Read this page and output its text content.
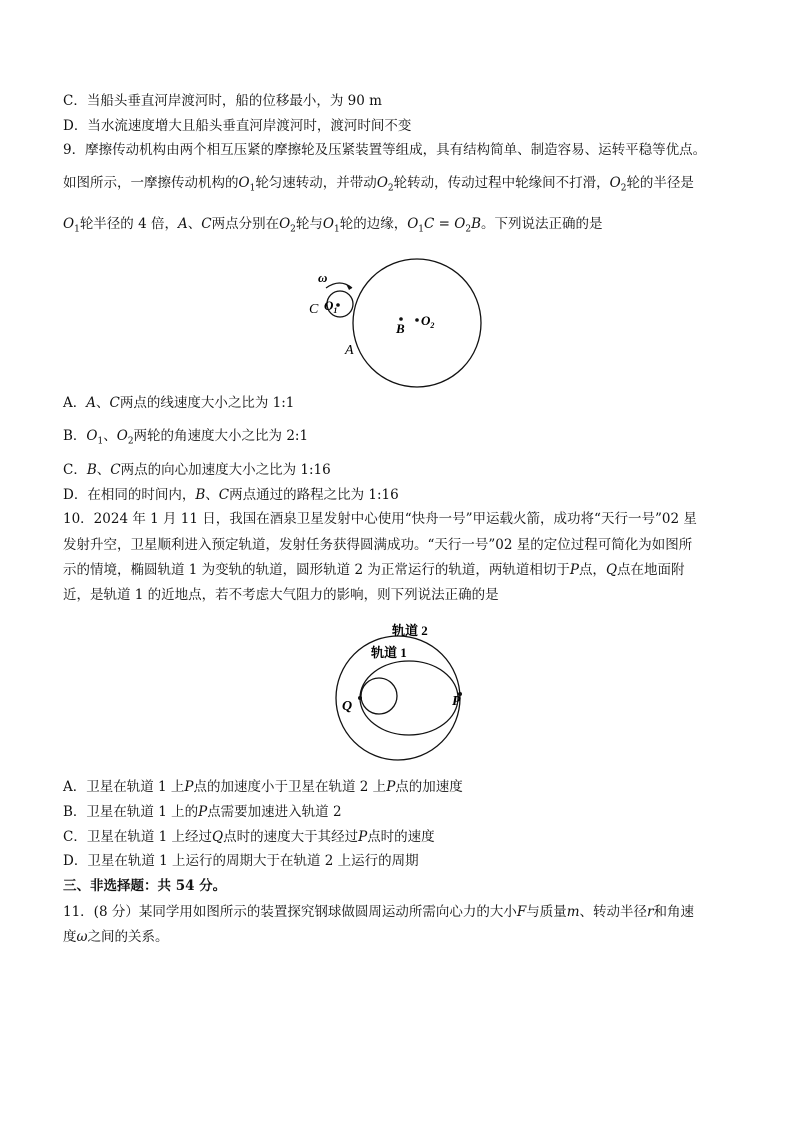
C．当船头垂直河岸渡河时，船的位移最小，为 90 m
D．当水流速度增大且船头垂直河岸渡河时，渡河时间不变
9．摩擦传动机构由两个相互压紧的摩擦轮及压紧装置等组成，具有结构简单、制造容易、运转平稳等优点。
如图所示，一摩擦传动机构的$O_1$轮匀速转动，并带动$O_2$轮转动，传动过程中轮缘间不打滑，$O_2$轮的半径是
$O_1$轮半径的 4 倍，A、C两点分别在$O_2$轮与$O_1$轮的边缘，$O_1C = O_2B$。下列说法正确的是
ω
C $O_1$
B
$O_2$
A
A．A、C两点的线速度大小之比为 1:1
B．$O_1$、$O_2$两轮的角速度大小之比为 2:1
C．B、C两点的向心加速度大小之比为 1:16
D．在相同的时间内，B、C两点通过的路程之比为 1:16
10．2024 年 1 月 11 日，我国在酒泉卫星发射中心使用“快舟一号”甲运载火箭，成功将“天行一号”02 星
发射升空，卫星顺利进入预定轨道，发射任务获得圆满成功。“天行一号”02 星的定位过程可简化为如图所
示的情境，椭圆轨道 1 为变轨的轨道，圆形轨道 2 为正常运行的轨道，两轨道相切于P点，Q点在地面附
近，是轨道 1 的近地点，若不考虑大气阻力的影响，则下列说法正确的是
轨道 2
轨道 1
Q	P
A．卫星在轨道 1 上P点的加速度小于卫星在轨道 2 上P点的加速度
B．卫星在轨道 1 上的P点需要加速进入轨道 2
C．卫星在轨道 1 上经过Q点时的速度大于其经过P点时的速度
D．卫星在轨道 1 上运行的周期大于在轨道 2 上运行的周期
三、非选择题：共 54 分。
11．(8 分）某同学用如图所示的装置探究钢球做圆周运动所需向心力的大小F与质量m、转动半径r和角速
度ω之间的关系。
